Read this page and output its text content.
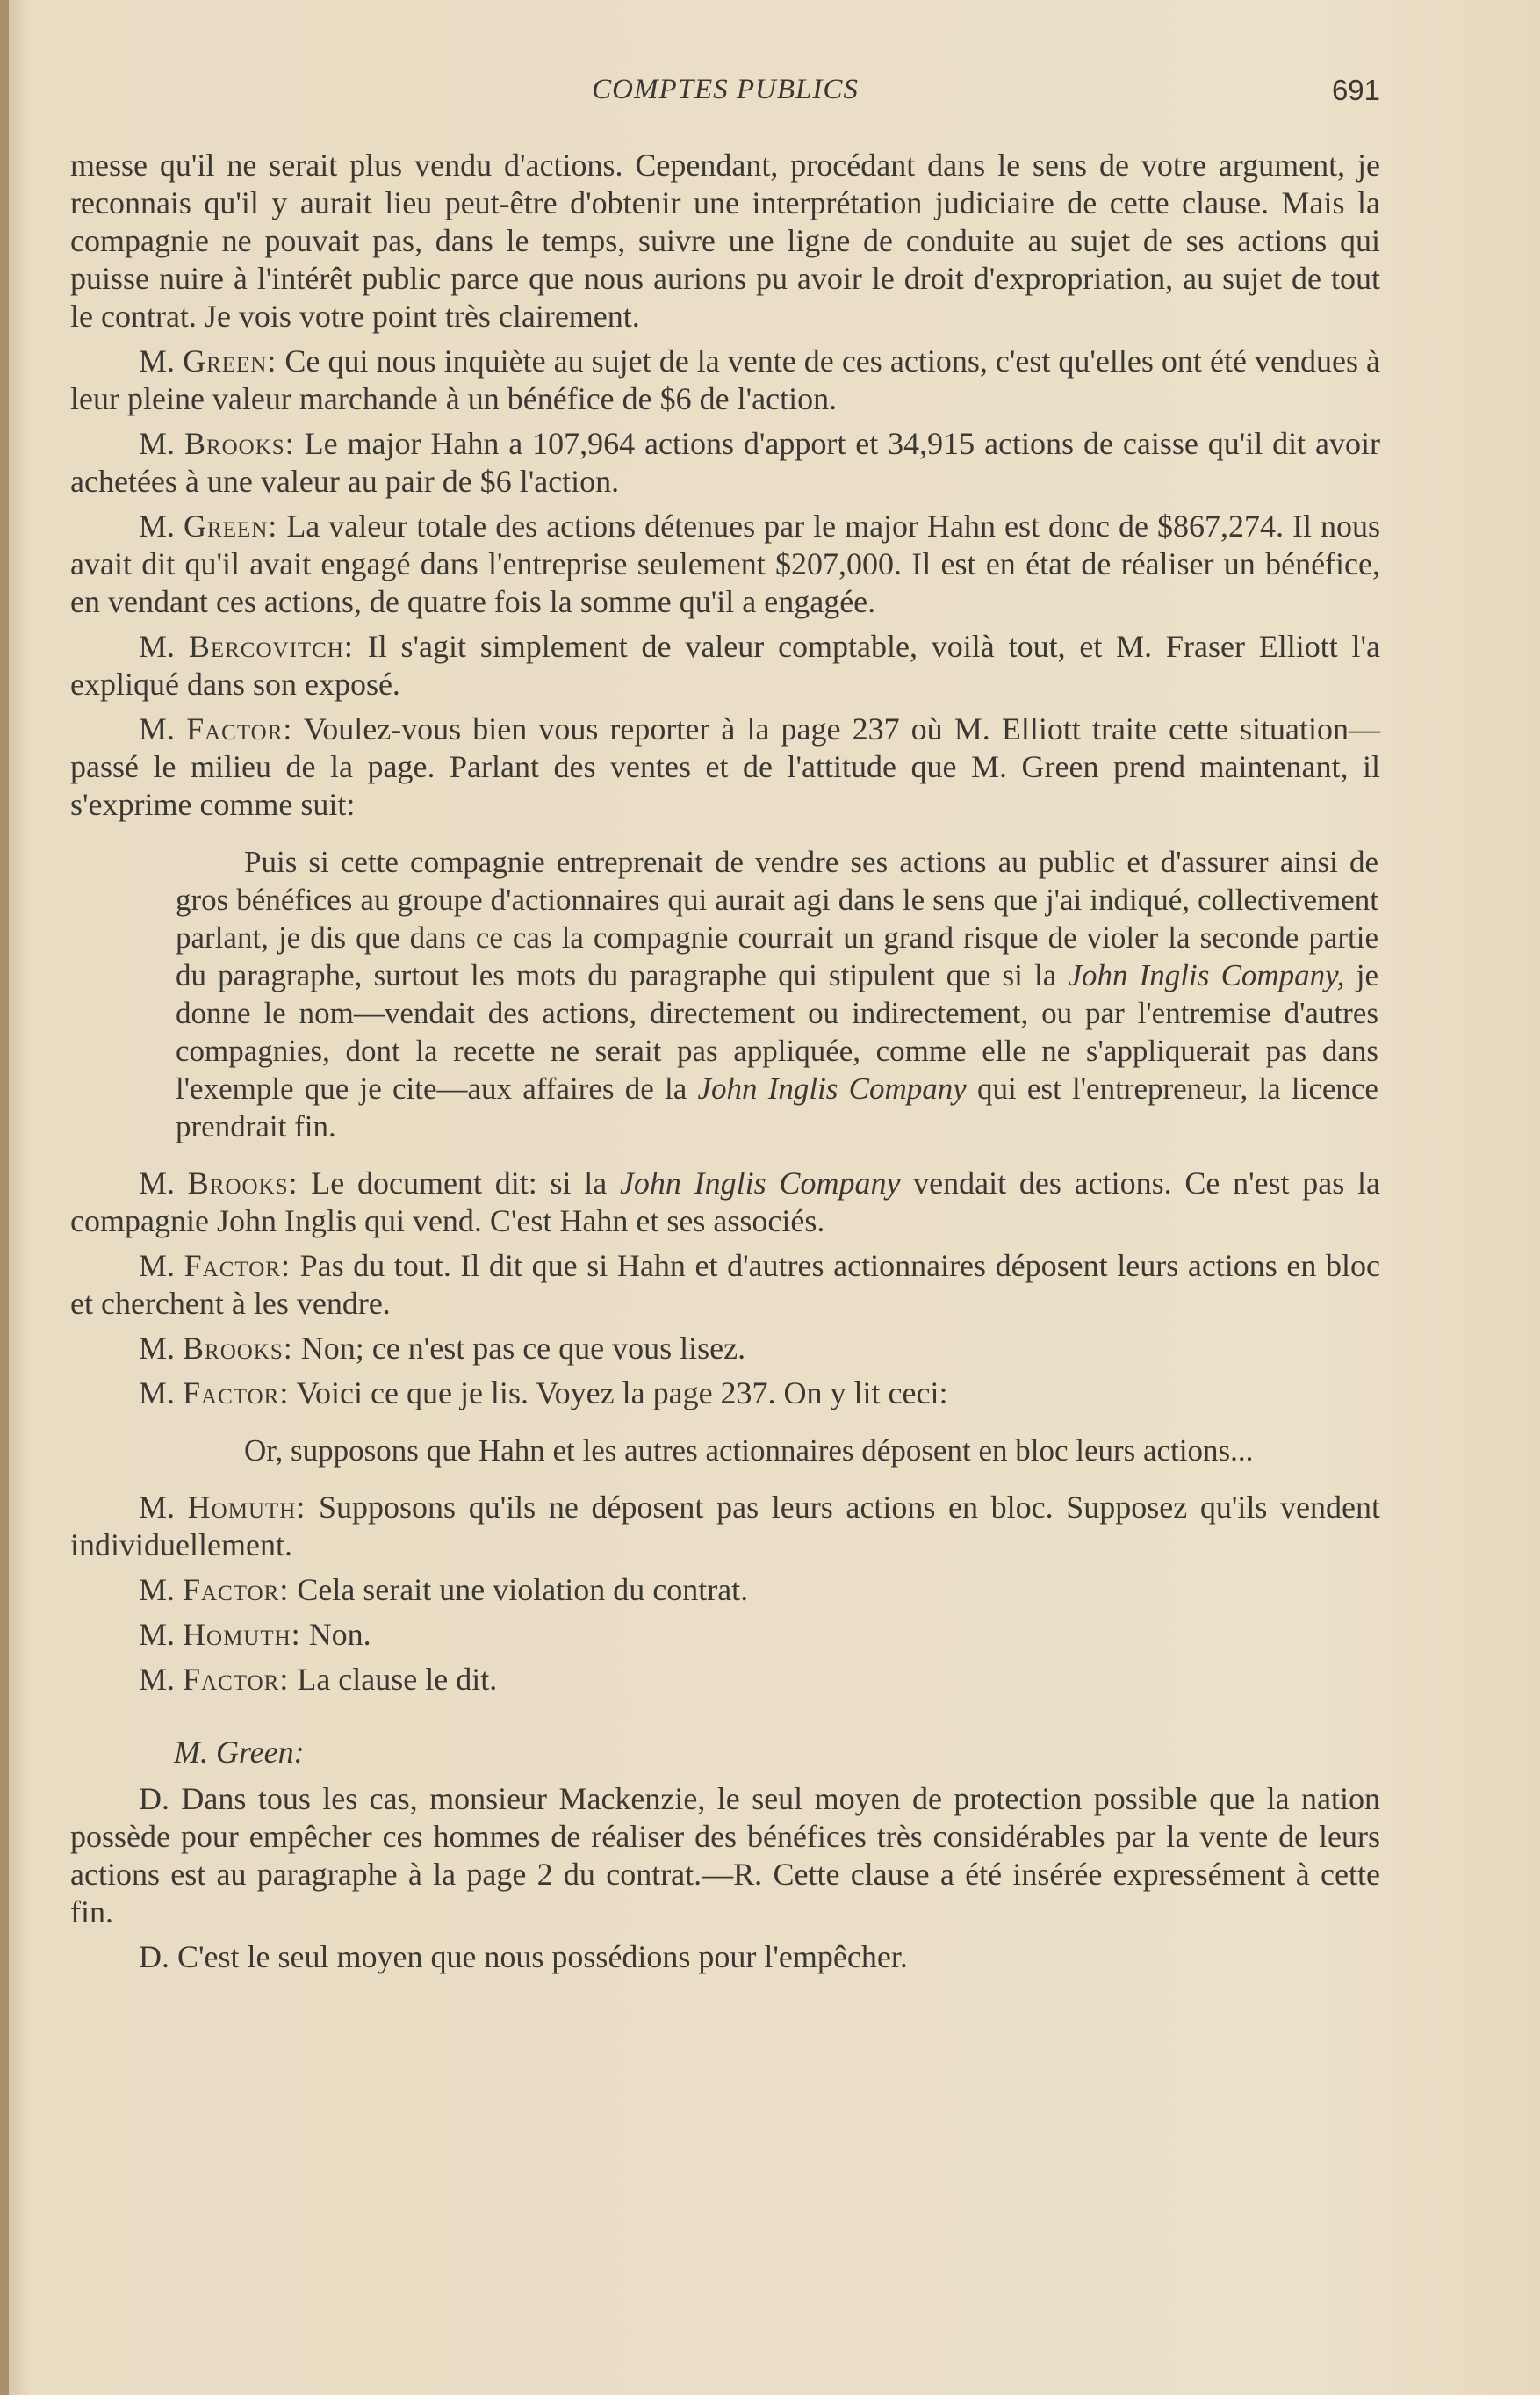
COMPTES PUBLICS	691

messe qu'il ne serait plus vendu d'actions. Cependant, procédant dans le sens de votre argument, je reconnais qu'il y aurait lieu peut-être d'obtenir une interprétation judiciaire de cette clause. Mais la compagnie ne pouvait pas, dans le temps, suivre une ligne de conduite au sujet de ses actions qui puisse nuire à l'intérêt public parce que nous aurions pu avoir le droit d'expropriation, au sujet de tout le contrat. Je vois votre point très clairement.

M. Green: Ce qui nous inquiète au sujet de la vente de ces actions, c'est qu'elles ont été vendues à leur pleine valeur marchande à un bénéfice de $6 de l'action.

M. Brooks: Le major Hahn a 107,964 actions d'apport et 34,915 actions de caisse qu'il dit avoir achetées à une valeur au pair de $6 l'action.

M. Green: La valeur totale des actions détenues par le major Hahn est donc de $867,274. Il nous avait dit qu'il avait engagé dans l'entreprise seulement $207,000. Il est en état de réaliser un bénéfice, en vendant ces actions, de quatre fois la somme qu'il a engagée.

M. Bercovitch: Il s'agit simplement de valeur comptable, voilà tout, et M. Fraser Elliott l'a expliqué dans son exposé.

M. Factor: Voulez-vous bien vous reporter à la page 237 où M. Elliott traite cette situation—passé le milieu de la page. Parlant des ventes et de l'attitude que M. Green prend maintenant, il s'exprime comme suit:

Puis si cette compagnie entreprenait de vendre ses actions au public et d'assurer ainsi de gros bénéfices au groupe d'actionnaires qui aurait agi dans le sens que j'ai indiqué, collectivement parlant, je dis que dans ce cas la compagnie courrait un grand risque de violer la seconde partie du paragraphe, surtout les mots du paragraphe qui stipulent que si la John Inglis Company, je donne le nom—vendait des actions, directement ou indirectement, ou par l'entremise d'autres compagnies, dont la recette ne serait pas appliquée, comme elle ne s'appliquerait pas dans l'exemple que je cite—aux affaires de la John Inglis Company qui est l'entrepreneur, la licence prendrait fin.

M. Brooks: Le document dit: si la John Inglis Company vendait des actions. Ce n'est pas la compagnie John Inglis qui vend. C'est Hahn et ses associés.

M. Factor: Pas du tout. Il dit que si Hahn et d'autres actionnaires déposent leurs actions en bloc et cherchent à les vendre.

M. Brooks: Non; ce n'est pas ce que vous lisez.

M. Factor: Voici ce que je lis. Voyez la page 237. On y lit ceci:

Or, supposons que Hahn et les autres actionnaires déposent en bloc leurs actions...

M. Homuth: Supposons qu'ils ne déposent pas leurs actions en bloc. Supposez qu'ils vendent individuellement.

M. Factor: Cela serait une violation du contrat.

M. Homuth: Non.

M. Factor: La clause le dit.

M. Green:

D. Dans tous les cas, monsieur Mackenzie, le seul moyen de protection possible que la nation possède pour empêcher ces hommes de réaliser des bénéfices très considérables par la vente de leurs actions est au paragraphe à la page 2 du contrat.—R. Cette clause a été insérée expressément à cette fin.

D. C'est le seul moyen que nous possédions pour l'empêcher.
